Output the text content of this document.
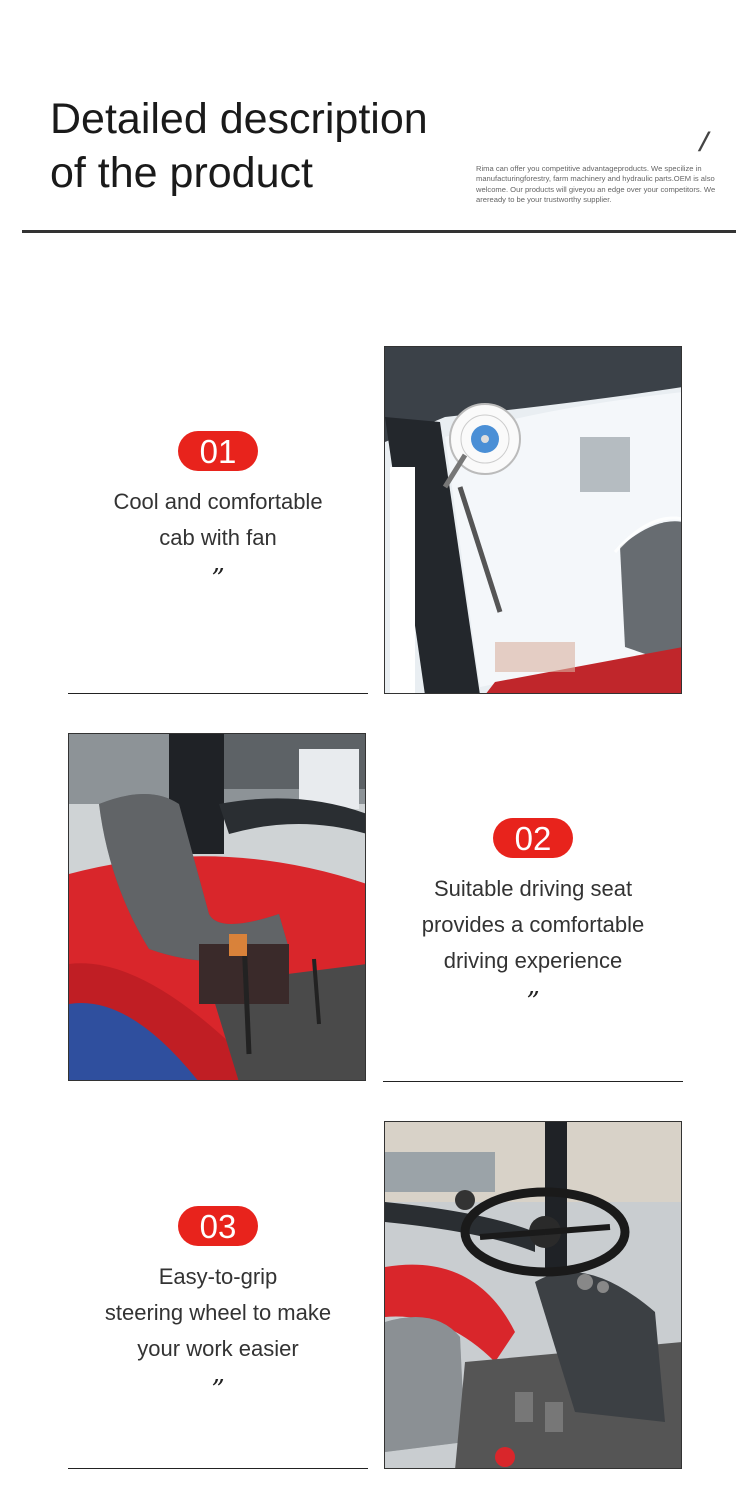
Detailed description
of the product
/
Rima can offer you competitive advantageproducts. We specilize in manufacturingforestry, farm machinery and hydraulic parts.OEM is also welcome. Our products will giveyou an edge over your competitors. We areready to be your trustworthy supplier.
01
Cool and comfortable
cab with fan
”
02
Suitable driving seat
provides a comfortable
driving experience
”
03
Easy-to-grip
steering wheel to make
your work easier
”
